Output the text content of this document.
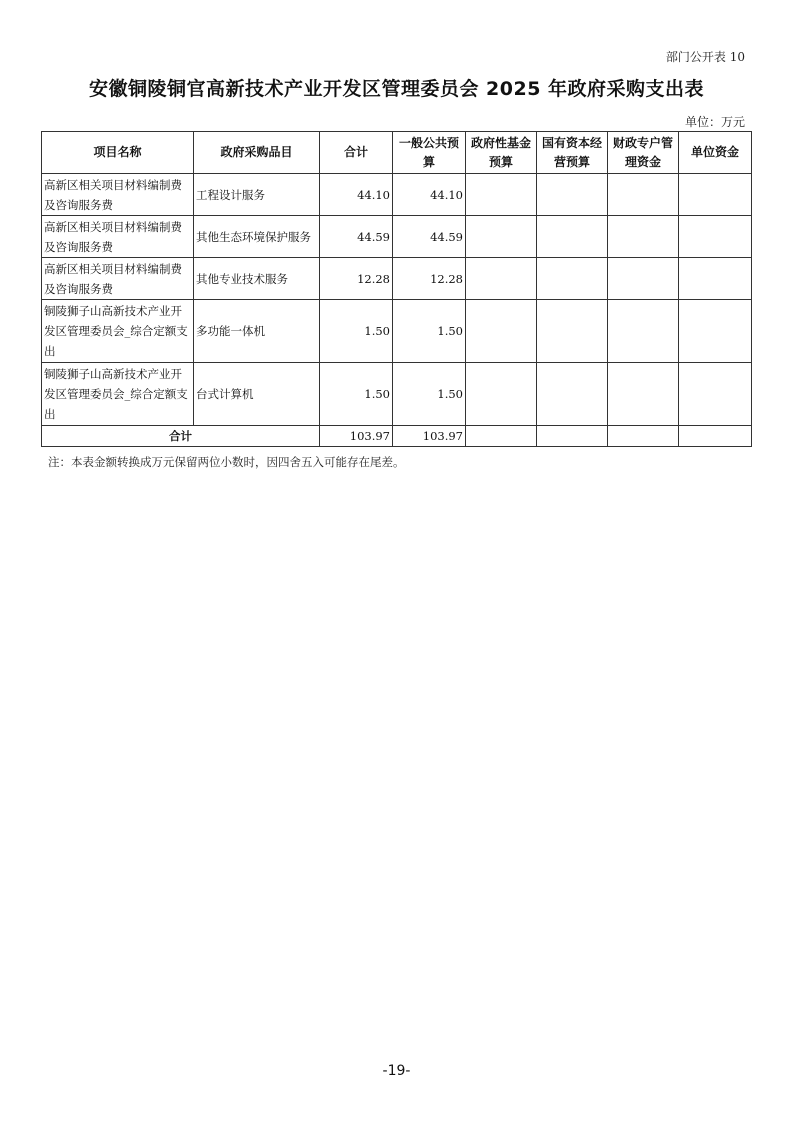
部门公开表 10
安徽铜陵铜官高新技术产业开发区管理委员会 2025 年政府采购支出表
单位：万元
项目名称	政府采购品目	合计	一般公共预算	政府性基金预算	国有资本经营预算	财政专户管理资金	单位资金
高新区相关项目材料编制费及咨询服务费	工程设计服务	44.10	44.10				
高新区相关项目材料编制费及咨询服务费	其他生态环境保护服务	44.59	44.59				
高新区相关项目材料编制费及咨询服务费	其他专业技术服务	12.28	12.28				
铜陵狮子山高新技术产业开发区管理委员会_综合定额支出	多功能一体机	1.50	1.50				
铜陵狮子山高新技术产业开发区管理委员会_综合定额支出	台式计算机	1.50	1.50				
合计		103.97	103.97				
注：本表金额转换成万元保留两位小数时，因四舍五入可能存在尾差。
-19-
